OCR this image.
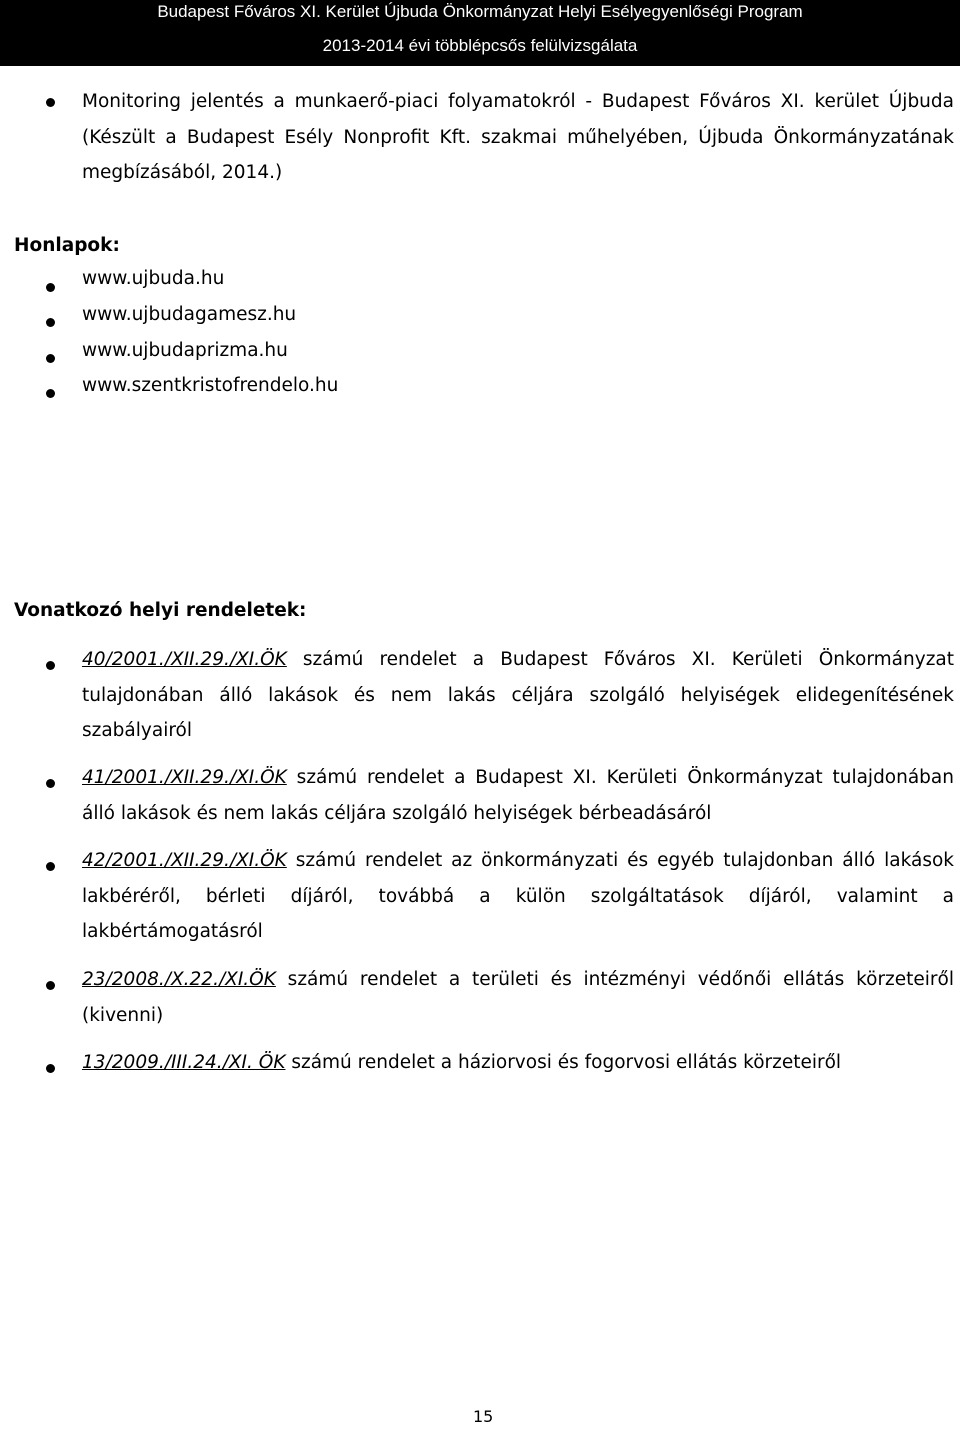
Budapest Főváros XI. Kerület Újbuda Önkormányzat Helyi Esélyegyenlőségi Program
2013-2014 évi többlépcsős felülvizsgálata

Monitoring jelentés a munkaerő-piaci folyamatokról - Budapest Főváros XI. kerület Újbuda (Készült a Budapest Esély Nonprofit Kft. szakmai műhelyében, Újbuda Önkormányzatának megbízásából, 2014.)

Honlapok:

www.ujbuda.hu

www.ujbudagamesz.hu

www.ujbudaprizma.hu

www.szentkristofrendelo.hu

Vonatkozó helyi rendeletek:

40/2001./XII.29./XI.ÖK számú rendelet a Budapest Főváros XI. Kerületi Önkormányzat tulajdonában álló lakások és nem lakás céljára szolgáló helyiségek elidegenítésének szabályairól

41/2001./XII.29./XI.ÖK számú rendelet a Budapest XI. Kerületi Önkormányzat tulajdonában álló lakások és nem lakás céljára szolgáló helyiségek bérbeadásáról

42/2001./XII.29./XI.ÖK számú rendelet az önkormányzati és egyéb tulajdonban álló lakások lakbéréről, bérleti díjáról, továbbá a külön szolgáltatások díjáról, valamint a lakbértámogatásról

23/2008./X.22./XI.ÖK számú rendelet a területi és intézményi védőnői ellátás körzeteiről (kivenni)

13/2009./III.24./XI. ÖK számú rendelet a háziorvosi és fogorvosi ellátás körzeteiről

15
